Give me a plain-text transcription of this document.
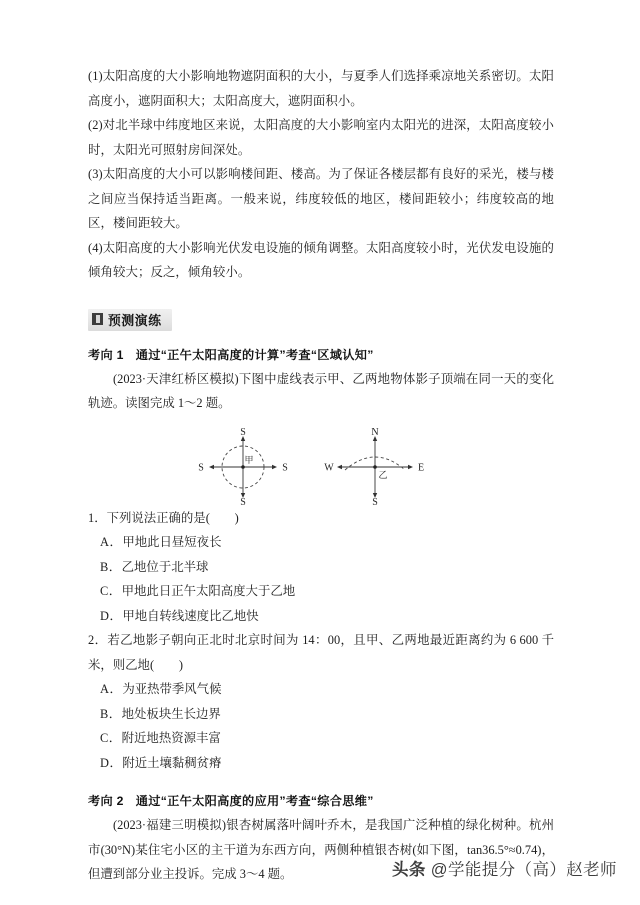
(1)太阳高度的大小影响地物遮阴面积的大小，与夏季人们选择乘凉地关系密切。太阳高度小，遮阴面积大；太阳高度大，遮阴面积小。

(2)对北半球中纬度地区来说，太阳高度的大小影响室内太阳光的进深，太阳高度较小时，太阳光可照射房间深处。

(3)太阳高度的大小可以影响楼间距、楼高。为了保证各楼层都有良好的采光，楼与楼之间应当保持适当距离。一般来说，纬度较低的地区，楼间距较小；纬度较高的地区，楼间距较大。

(4)太阳高度的大小影响光伏发电设施的倾角调整。太阳高度较小时，光伏发电设施的倾角较大；反之，倾角较小。

预测演练
考向 1 通过“正午太阳高度的计算”考查“区域认知”

(2023·天津红桥区模拟)下图中虚线表示甲、乙两地物体影子顶端在同一天的变化轨迹。读图完成 1～2 题。

S
S
S	S
甲
N
S
W	E
乙
1．下列说法正确的是(　　)
A．甲地此日昼短夜长
B．乙地位于北半球
C．甲地此日正午太阳高度大于乙地
D．甲地自转线速度比乙地快
2．若乙地影子朝向正北时北京时间为 14：00，且甲、乙两地最近距离约为 6 600 千米，则乙地(　　)
A．为亚热带季风气候
B．地处板块生长边界
C．附近地热资源丰富
D．附近土壤黏稠贫瘠
考向 2 通过“正午太阳高度的应用”考查“综合思维”

(2023·福建三明模拟)银杏树属落叶阔叶乔木，是我国广泛种植的绿化树种。杭州市(30°N)某住宅小区的主干道为东西方向，两侧种植银杏树(如下图，tan36.5°≈0.74)，但遭到部分业主投诉。完成 3～4 题。	头条 @学能提分（高）赵老师
